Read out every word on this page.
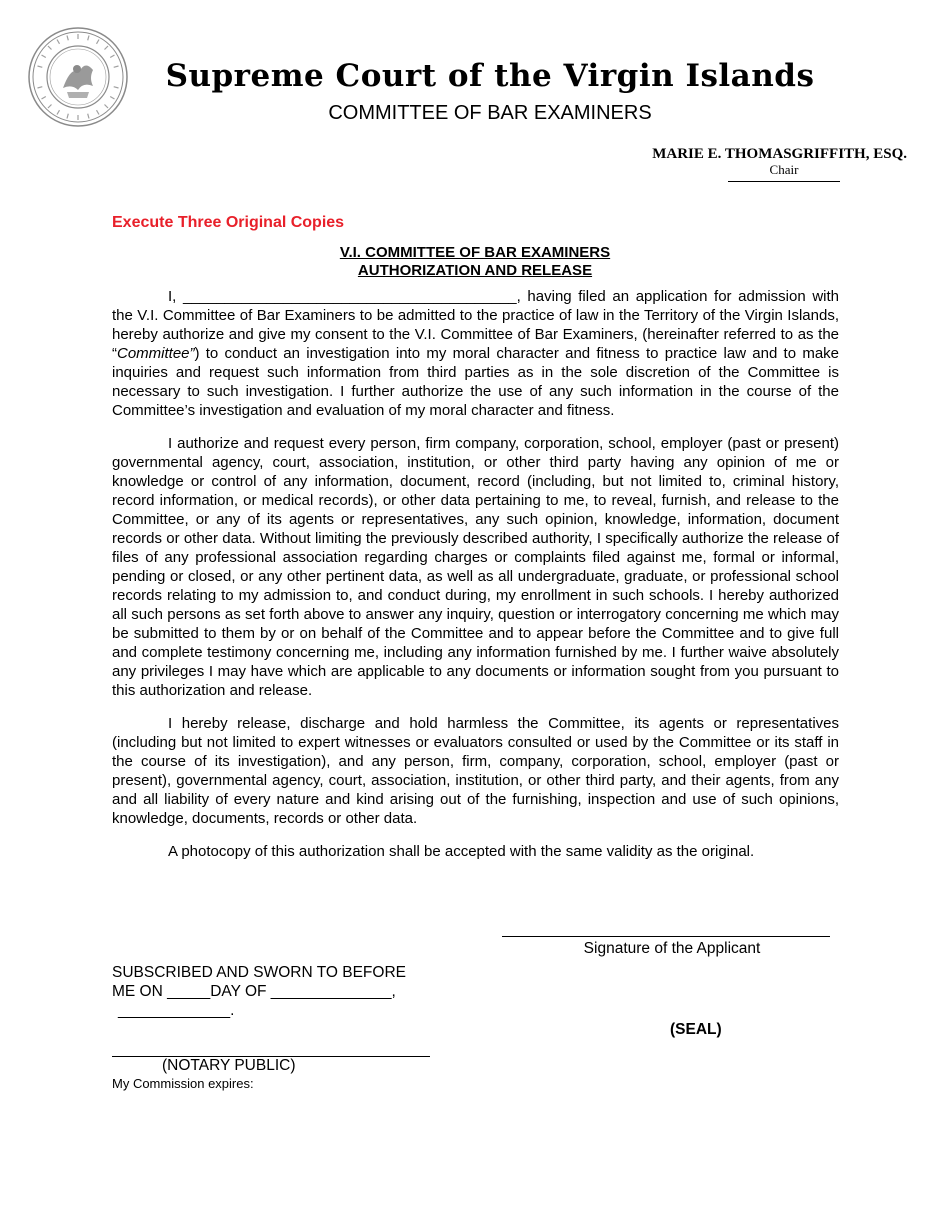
Supreme Court of the Virgin Islands
COMMITTEE OF BAR EXAMINERS
MARIE E. THOMASGRIFFITH, ESQ.
Chair
Execute Three Original Copies
V.I. COMMITTEE OF BAR EXAMINERS
AUTHORIZATION AND RELEASE

I, ________________________________________, having filed an application for admission with the V.I. Committee of Bar Examiners to be admitted to the practice of law in the Territory of the Virgin Islands, hereby authorize and give my consent to the V.I. Committee of Bar Examiners, (hereinafter referred to as the “Committee”) to conduct an investigation into my moral character and fitness to practice law and to make inquiries and request such information from third parties as in the sole discretion of the Committee is necessary to such investigation. I further authorize the use of any such information in the course of the Committee’s investigation and evaluation of my moral character and fitness.

I authorize and request every person, firm company, corporation, school, employer (past or present) governmental agency, court, association, institution, or other third party having any opinion of me or knowledge or control of any information, document, record (including, but not limited to, criminal history, record information, or medical records), or other data pertaining to me, to reveal, furnish, and release to the Committee, or any of its agents or representatives, any such opinion, knowledge, information, document records or other data. Without limiting the previously described authority, I specifically authorize the release of files of any professional association regarding charges or complaints filed against me, formal or informal, pending or closed, or any other pertinent data, as well as all undergraduate, graduate, or professional school records relating to my admission to, and conduct during, my enrollment in such schools. I hereby authorized all such persons as set forth above to answer any inquiry, question or interrogatory concerning me which may be submitted to them by or on behalf of the Committee and to appear before the Committee and to give full and complete testimony concerning me, including any information furnished by me. I further waive absolutely any privileges I may have which are applicable to any documents or information sought from you pursuant to this authorization and release.

I hereby release, discharge and hold harmless the Committee, its agents or representatives (including but not limited to expert witnesses or evaluators consulted or used by the Committee or its staff in the course of its investigation), and any person, firm, company, corporation, school, employer (past or present), governmental agency, court, association, institution, or other third party, and their agents, from any and all liability of every nature and kind arising out of the furnishing, inspection and use of such opinions, knowledge, documents, records or other data.

A photocopy of this authorization shall be accepted with the same validity as the original.

Signature of the Applicant
SUBSCRIBED AND SWORN TO BEFORE
ME ON _____DAY OF ______________,
_____________.
(SEAL)
(NOTARY PUBLIC)
My Commission expires:
